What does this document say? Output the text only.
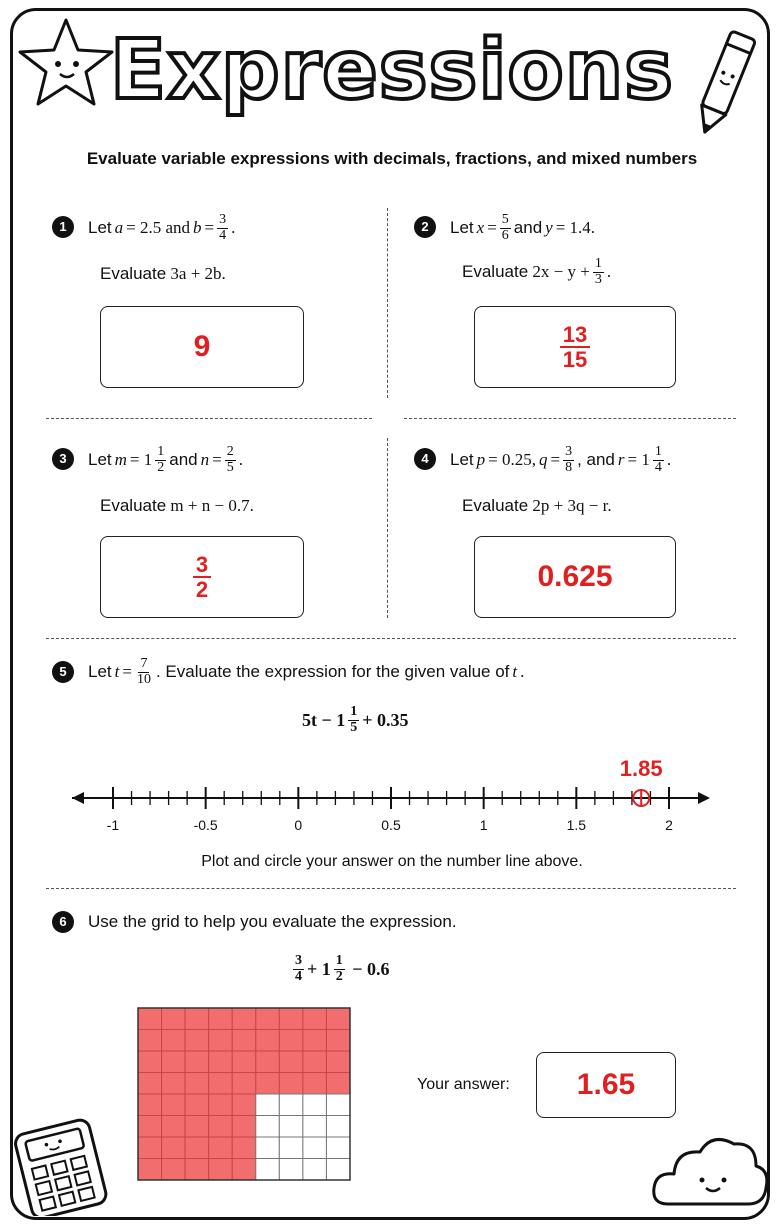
Expressions
Evaluate variable expressions with decimals, fractions, and mixed numbers
1	Let a = 2.5 and $b = \frac{3}{4}$ .
Evaluate
3a + 2b.
9
2	Let $x = \frac{5}{6}$ and y = 1.4.
Evaluate
$2x - y + \frac{1}{3}$ .
$\frac{13}{15}$
3	Let $m = 1 \frac{1}{2}$ and $n = \frac{2}{5}$ .
Evaluate
m + n − 0.7.
$\frac{3}{2}$
4	Let p = 0.25, $q = \frac{3}{8}$ , and $r = 1 \frac{1}{4}$ .
Evaluate
2p + 3q − r.
0.625
5	Let $t = \frac{7}{10}$ . Evaluate the expression for the given value of t .
$5t - 1 \frac{1}{5} + 0.35$
-1	-0.5	0	0.5	1	1.5	2
1.85
Plot and circle your answer on the number line above.
6	Use the grid to help you evaluate the expression.
$\frac{3}{4} + 1 \frac{1}{2}$
− 0.6
Your answer: 1.65
